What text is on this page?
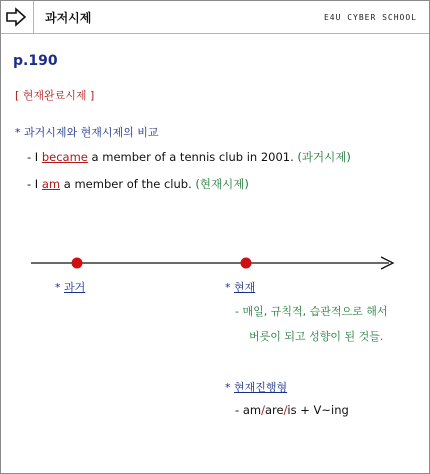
과저시제	E4U CYBER SCHOOL
p.190
[ 현재완료시제 ]
* 과거시제와 현재시제의 비교
- I became a member of a tennis club in 2001. (과거시제)
- I am a member of the club. (현재시제)
* 과거	* 현재
- 매일, 규칙적, 습관적으로 해서
버릇이 되고 성향이 된 것들.
* 현재진행형
- am/are/is + V~ing
